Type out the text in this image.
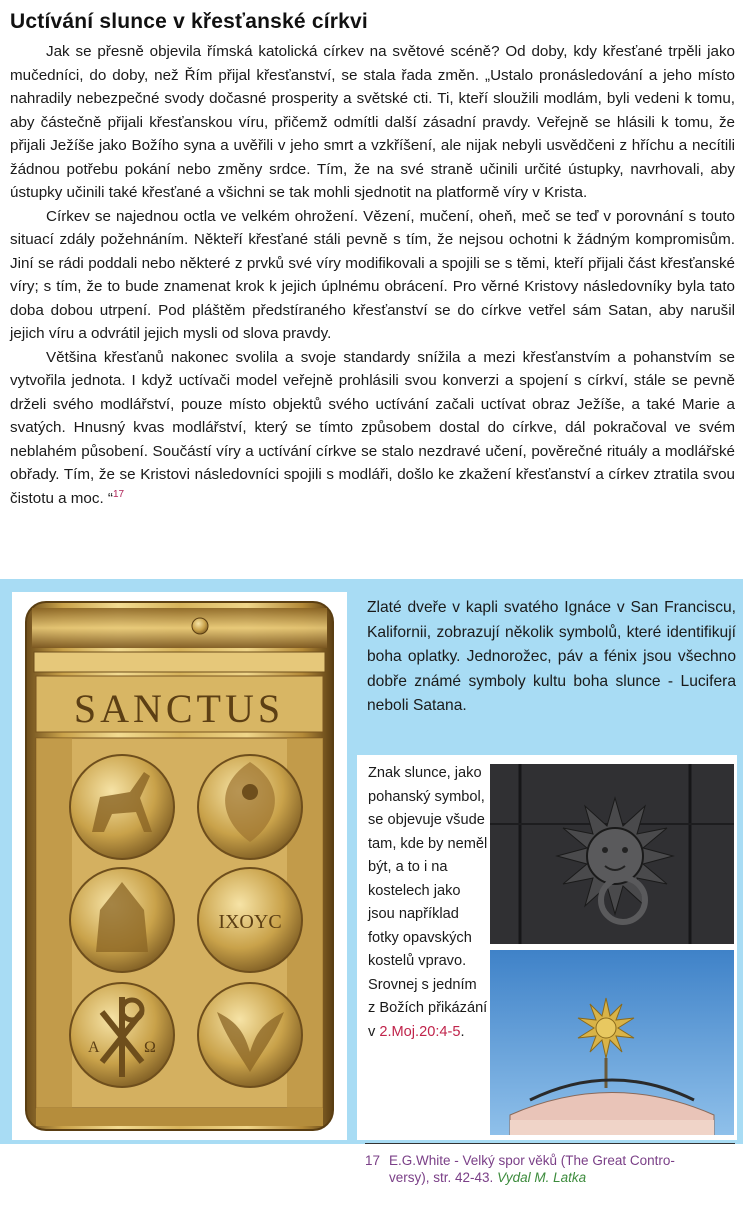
Uctívání slunce v křesťanské církvi

Jak se přesně objevila římská katolická církev na světové scéně? Od doby, kdy křesťané trpěli jako mučedníci, do doby, než Řím přijal křesťanství, se stala řada změn. „Ustalo pronásledování a jeho místo nahradily nebezpečné svody dočasné prosperity a světské cti. Ti, kteří sloužili modlám, byli vedeni k tomu, aby částečně přijali křesťanskou víru, přičemž odmítli další zásadní pravdy. Veřejně se hlásili k tomu, že přijali Ježíše jako Božího syna a uvěřili v jeho smrt a vzkříšení, ale nijak nebyli usvědčeni z hříchu a necítili žádnou potřebu pokání nebo změny srdce. Tím, že na své straně učinili určité ústupky, navrhovali, aby ústupky učinili také křesťané a všichni se tak mohli sjednotit na platformě víry v Krista.

Církev se najednou octla ve velkém ohrožení. Vězení, mučení, oheň, meč se teď v porovnání s touto situací zdály požehnáním. Někteří křesťané stáli pevně s tím, že nejsou ochotni k žádným kompromisům. Jiní se rádi poddali nebo některé z prvků své víry modifikovali a spojili se s těmi, kteří přijali část křesťanské víry; s tím, že to bude znamenat krok k jejich úplnému obrácení. Pro věrné Kristovy následovníky byla tato doba dobou utrpení. Pod pláštěm předstíraného křesťanství se do církve vetřel sám Satan, aby narušil jejich víru a odvrátil jejich mysli od slova pravdy.

Většina křesťanů nakonec svolila a svoje standardy snížila a mezi křesťanstvím a pohanstvím se vytvořila jednota. I když uctívači model veřejně prohlásili svou konverzi a spojení s církví, stále se pevně drželi svého modlářství, pouze místo objektů svého uctívání začali uctívat obraz Ježíše, a také Marie a svatých. Hnusný kvas modlářství, který se tímto způsobem dostal do církve, dál pokračoval ve svém neblahém působení. Součástí víry a uctívání církve se stalo nezdravé učení, pověrečné rituály a modlářské obřady. Tím, že se Kristovi následovníci spojili s modláři, došlo ke zkažení křesťanství a církev ztratila svou čistotu a moc. “$^{17}$

SANCTUS
IXOYC
A	Ω
Zlaté dveře v kapli svatého Ignáce v San Franciscu, Kalifornii, zobrazují několik symbolů, které identifikují boha oplatky. Jednorožec, páv a fénix jsou všechno dobře známé symboly kultu boha slunce - Lucifera neboli Satana.
Znak slunce, jako pohanský symbol, se objevuje všude tam, kde by neměl být, a to i na kostelech jako jsou například fotky opavských kostelů vpravo. Srovnej s jedním z Božích přikázání v 2.Moj.20:4-5.
17 E.G.White - Velký spor věků (The Great Contro-
versy), str. 42-43. Vydal M. Latka
